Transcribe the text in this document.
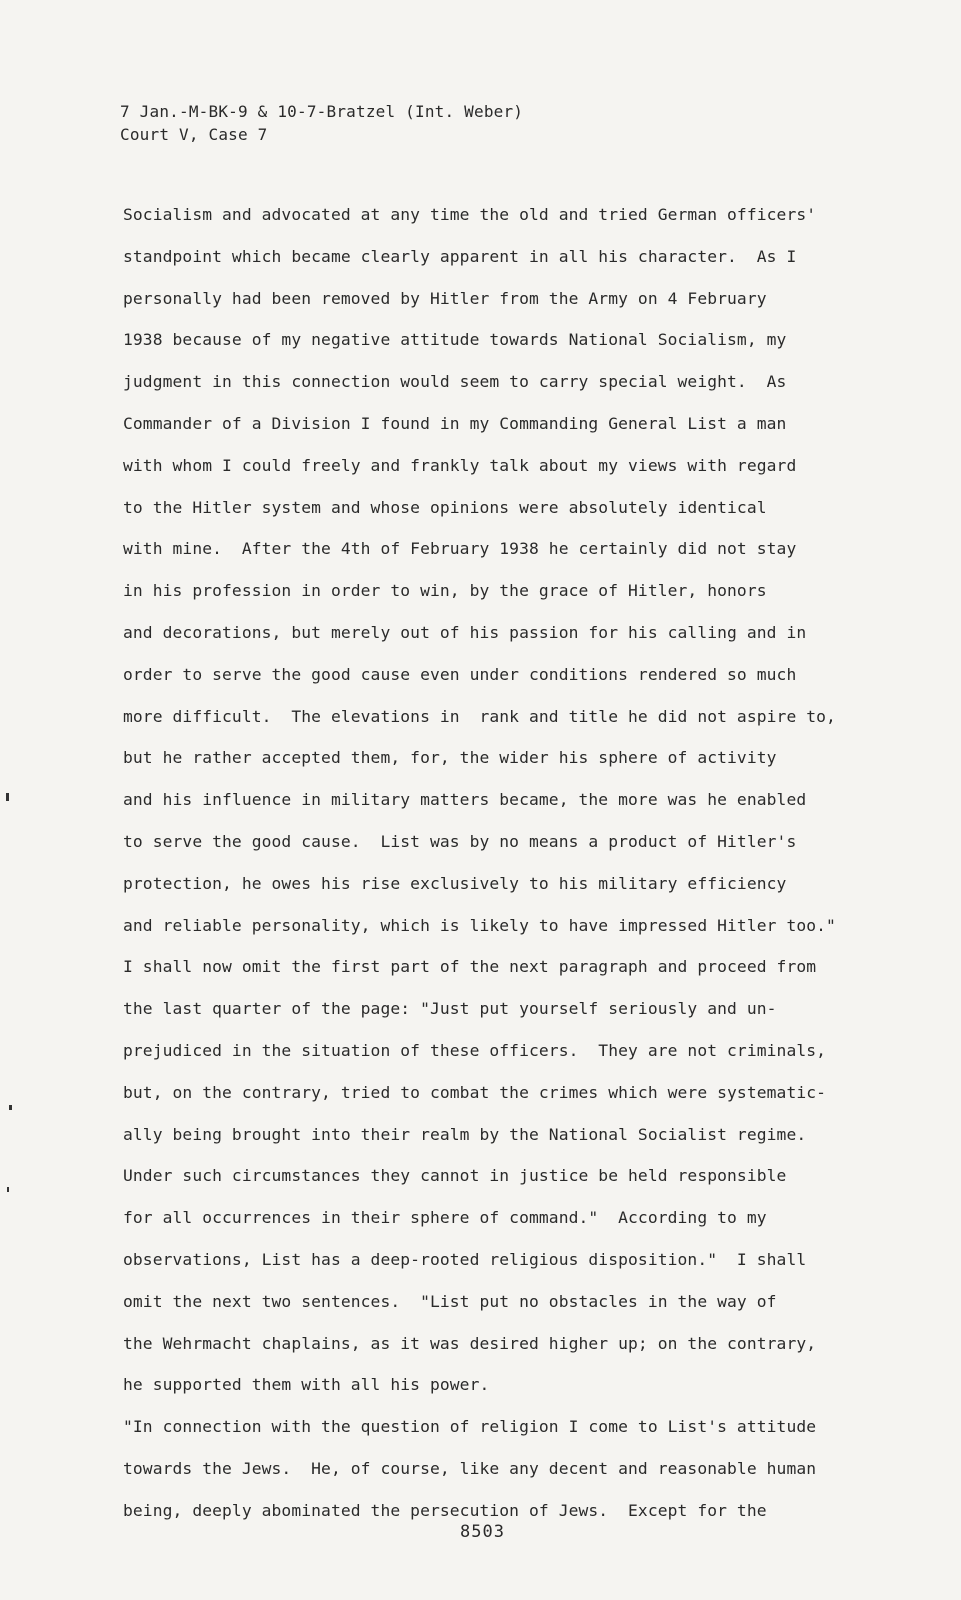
7 Jan.-M-BK-9 & 10-7-Bratzel (Int. Weber)
Court V, Case 7
Socialism and advocated at any time the old and tried German officers'
standpoint which became clearly apparent in all his character.  As I
personally had been removed by Hitler from the Army on 4 February
1938 because of my negative attitude towards National Socialism, my
judgment in this connection would seem to carry special weight.  As
Commander of a Division I found in my Commanding General List a man
with whom I could freely and frankly talk about my views with regard
to the Hitler system and whose opinions were absolutely identical
with mine.  After the 4th of February 1938 he certainly did not stay
in his profession in order to win, by the grace of Hitler, honors
and decorations, but merely out of his passion for his calling and in
order to serve the good cause even under conditions rendered so much
more difficult.  The elevations in  rank and title he did not aspire to,
but he rather accepted them, for, the wider his sphere of activity
and his influence in military matters became, the more was he enabled
to serve the good cause.  List was by no means a product of Hitler's
protection, he owes his rise exclusively to his military efficiency
and reliable personality, which is likely to have impressed Hitler too."
I shall now omit the first part of the next paragraph and proceed from
the last quarter of the page: "Just put yourself seriously and un-
prejudiced in the situation of these officers.  They are not criminals,
but, on the contrary, tried to combat the crimes which were systematic-
ally being brought into their realm by the National Socialist regime.
Under such circumstances they cannot in justice be held responsible
for all occurrences in their sphere of command."  According to my
observations, List has a deep-rooted religious disposition."  I shall
omit the next two sentences.  "List put no obstacles in the way of
the Wehrmacht chaplains, as it was desired higher up; on the contrary,
he supported them with all his power.
"In connection with the question of religion I come to List's attitude
towards the Jews.  He, of course, like any decent and reasonable human
being, deeply abominated the persecution of Jews.  Except for the
8503
